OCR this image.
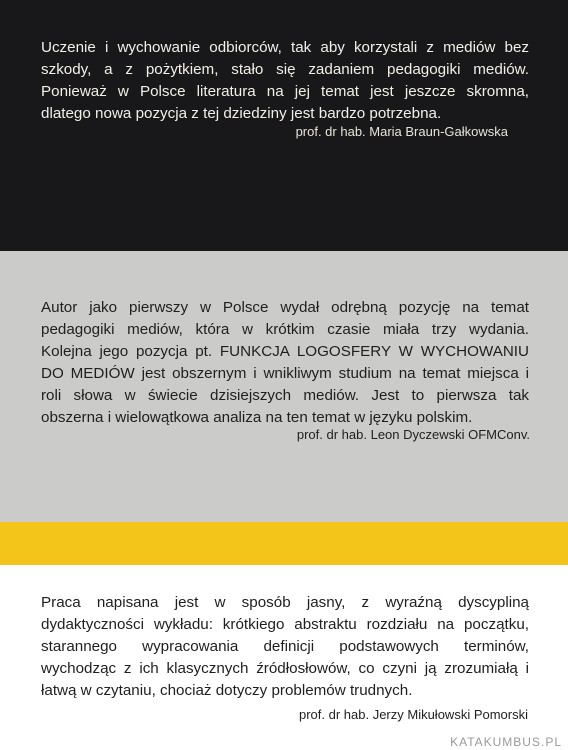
Uczenie i wychowanie odbiorców, tak aby korzystali z mediów bez
szkody, a z pożytkiem, stało się zadaniem pedagogiki mediów.
Ponieważ w Polsce literatura na jej temat jest jeszcze skromna,
dlatego nowa pozycja z tej dziedziny jest bardzo potrzebna.
prof. dr hab. Maria Braun-Gałkowska
Autor jako pierwszy w Polsce wydał odrębną pozycję na temat
pedagogiki mediów, która w krótkim czasie miała trzy wydania.
Kolejna jego pozycja pt. FUNKCJA LOGOSFERY W WYCHOWANIU
DO MEDIÓW jest obszernym i wnikliwym studium na temat miejsca i
roli słowa w świecie dzisiejszych mediów. Jest to pierwsza tak
obszerna i wielowątkowa analiza na ten temat w języku polskim.
prof. dr hab. Leon Dyczewski OFMConv.
Praca napisana jest w sposób jasny, z wyraźną dyscypliną
dydaktyczności wykładu: krótkiego abstraktu rozdziału na początku,
starannego wypracowania definicji podstawowych terminów,
wychodząc z ich klasycznych źródłosłowów, co czyni ją zrozumiałą i
łatwą w czytaniu, chociaż dotyczy problemów trudnych.
prof. dr hab. Jerzy Mikułowski Pomorski
KATAKUMBUS.PL
